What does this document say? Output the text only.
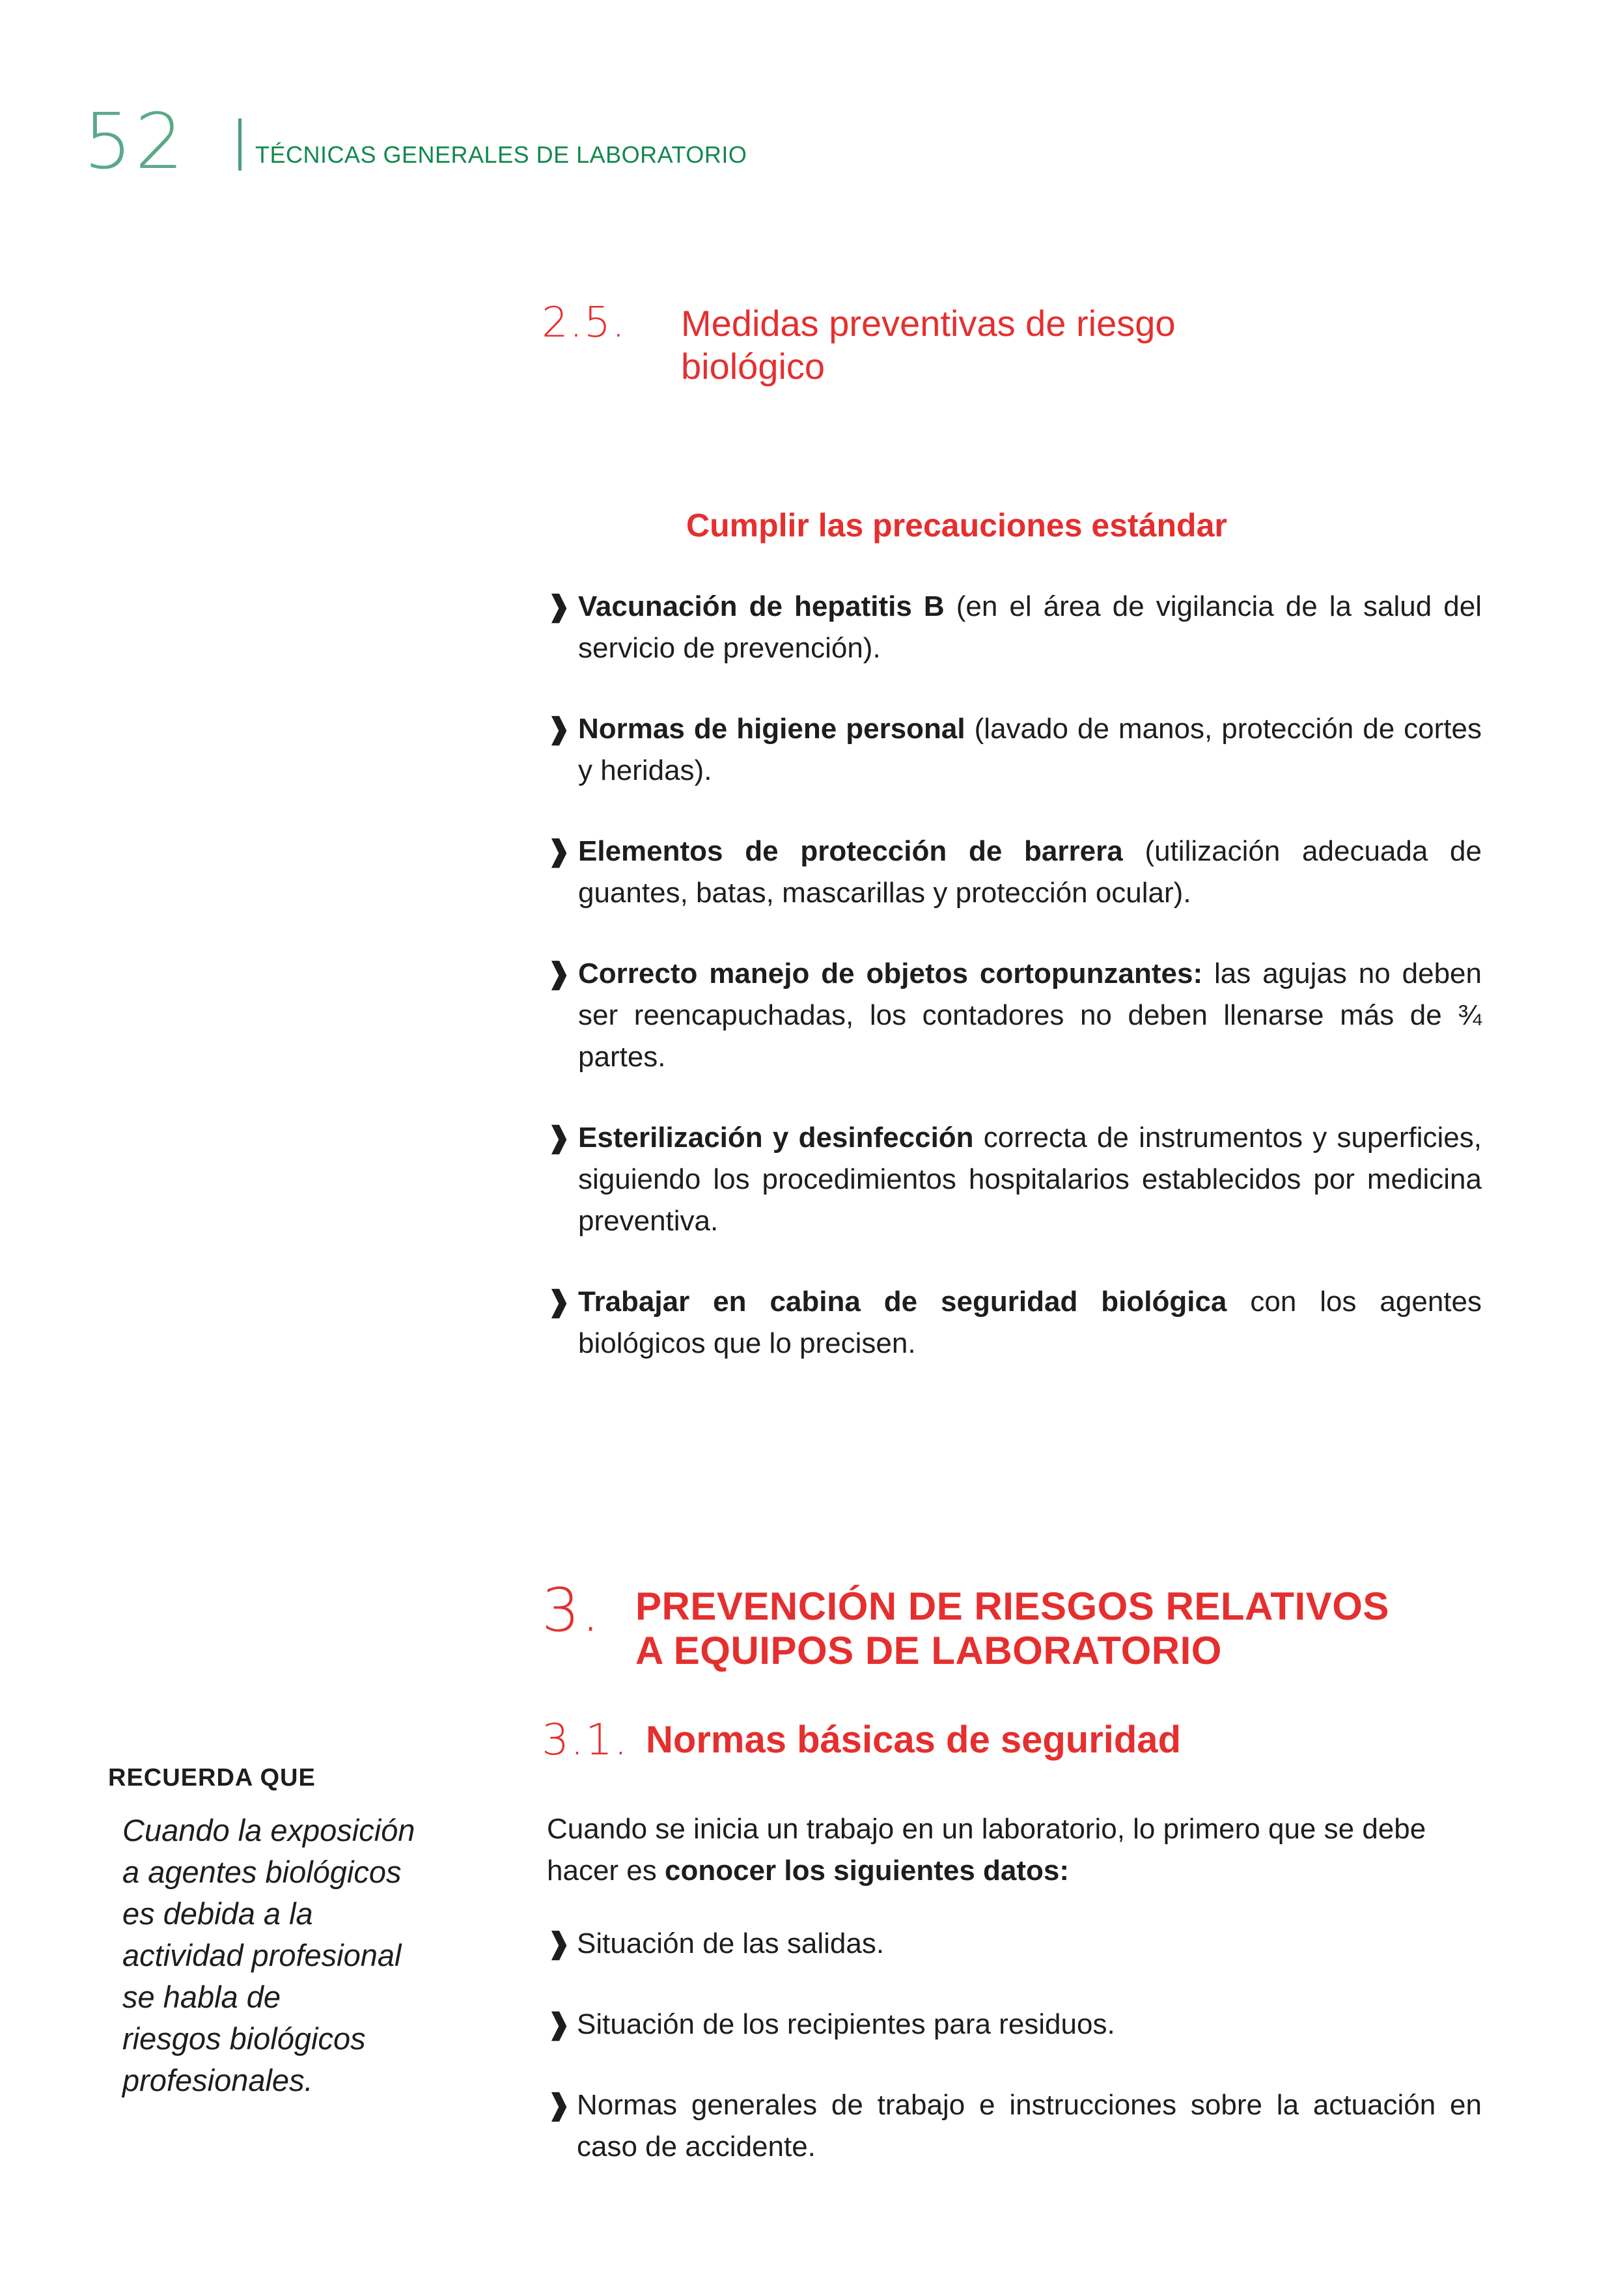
52	TÉCNICAS GENERALES DE LABORATORIO
2.5. Medidas preventivas de riesgo
biológico
Cumplir las precauciones estándar
❱ Vacunación de hepatitis B (en el área de vigilancia de la salud del servicio de prevención).
❱ Normas de higiene personal (lavado de manos, protección de cortes y heridas).
❱ Elementos de protección de barrera (utilización adecuada de guantes, batas, mascarillas y protección ocular).
❱ Correcto manejo de objetos cortopunzantes: las agujas no deben ser reencapuchadas, los contadores no deben llenarse más de ¾ partes.
❱ Esterilización y desinfección correcta de instrumentos y superficies, siguiendo los procedimientos hospitalarios establecidos por medicina preventiva.
❱ Trabajar en cabina de seguridad biológica con los agentes biológicos que lo precisen.
3. PREVENCIÓN DE RIESGOS RELATIVOS
A EQUIPOS DE LABORATORIO
3.1. Normas básicas de seguridad
Cuando se inicia un trabajo en un laboratorio, lo primero que se debe hacer es conocer los siguientes datos:
❱ Situación de las salidas.
❱ Situación de los recipientes para residuos.
❱ Normas generales de trabajo e instrucciones sobre la actuación en caso de accidente.
RECUERDA QUE
Cuando la exposición
a agentes biológicos
es debida a la
actividad profesional
se habla de
riesgos biológicos
profesionales.
